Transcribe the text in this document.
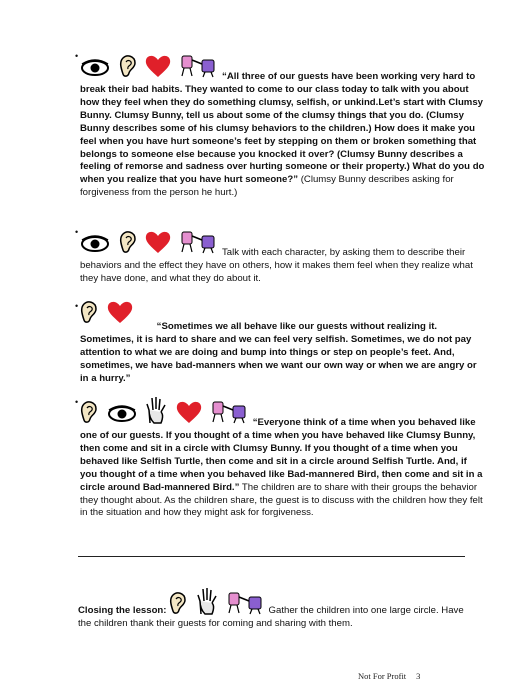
•
“All three of our guests have been working very hard to break their bad habits. They wanted to come to our class today to talk with you about how they feel when they do something clumsy, selfish, or unkind.Let’s start with Clumsy Bunny. Clumsy Bunny, tell us about some of the clumsy things that you do. (Clumsy Bunny describes some of his clumsy behaviors to the children.) How does it make you feel when you have hurt someone’s feet by stepping on them or broken something that belongs to someone else because you knocked it over? (Clumsy Bunny describes a feeling of remorse and sadness over hurting someone or their property.) What do you do when you realize that you have hurt someone?” (Clumsy Bunny describes asking for forgiveness from the person he hurt.)
•
Talk with each character, by asking them to describe their behaviors and the effect they have on others, how it makes them feel when they realize what they have done, and what they do about it.
•
“Sometimes we all behave like our guests without realizing it. Sometimes, it is hard to share and we can feel very selfish. Sometimes, we do not pay attention to what we are doing and bump into things or step on people’s feet. And, sometimes, we have bad-manners when we want our own way or when we are angry or in a hurry.”
•
“Everyone think of a time when you behaved like one of our guests. If you thought of a time when you have behaved like Clumsy Bunny, then come and sit in a circle with Clumsy Bunny. If you thought of a time when you behaved like Selfish Turtle, then come and sit in a circle around Selfish Turtle. And, if you thought of a time when you behaved like Bad-mannered Bird, then come and sit in a circle around Bad-mannered Bird.” The children are to share with their groups the behavior they thought about. As the children share, the guest is to discuss with the children how they felt in the situation and how they might ask for forgiveness.
Closing the lesson:	Gather the children into one large circle. Have the children thank their guests for coming and sharing with them.
Not For Profit 3
